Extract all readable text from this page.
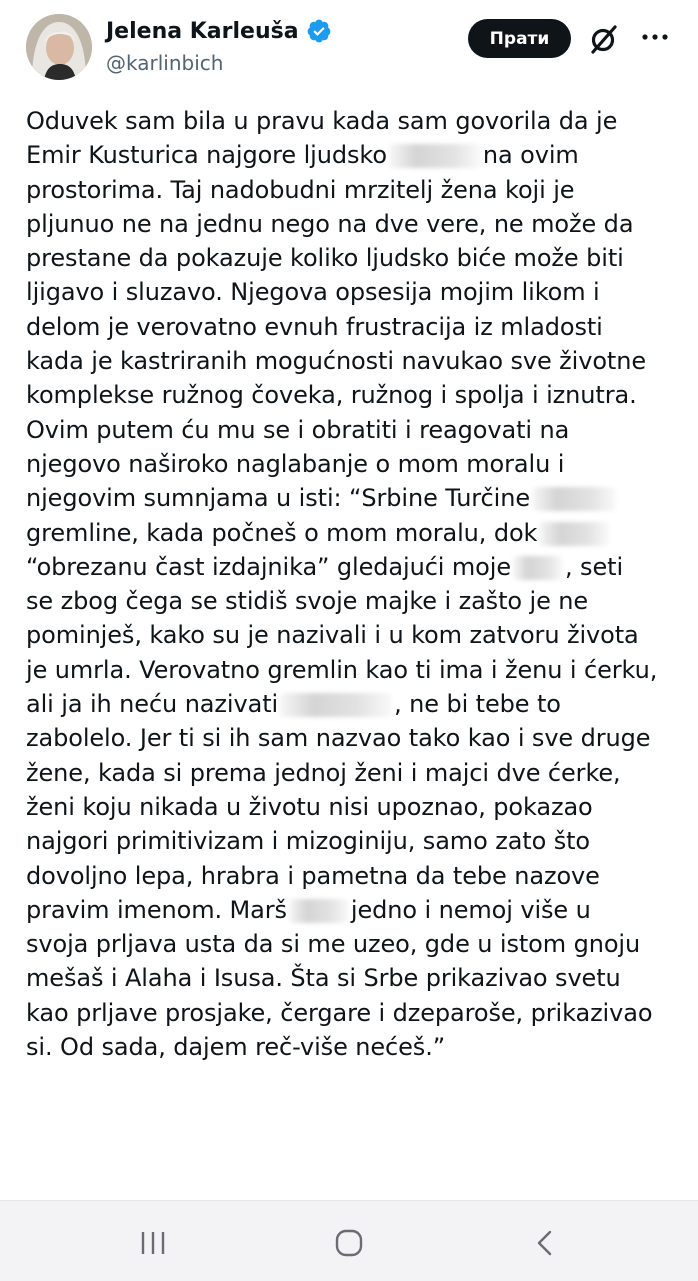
Jelena Karleuša
@karlinbich
Прати
Oduvek sam bila u pravu kada sam govorila da je
Emir Kusturica najgore ljudsko	na ovim
prostorima. Taj nadobudni mrzitelj žena koji je
pljunuo ne na jednu nego na dve vere, ne može da
prestane da pokazuje koliko ljudsko biće može biti
ljigavo i sluzavo. Njegova opsesija mojim likom i
delom je verovatno evnuh frustracija iz mladosti
kada je kastriranih mogućnosti navukao sve životne
komplekse ružnog čoveka, ružnog i spolja i iznutra.
Ovim putem ću mu se i obratiti i reagovati na
njegovo naširoko naglabanje o mom moralu i
njegovim sumnjama u isti: “Srbine Turčine
gremline, kada počneš o mom moralu, dok
“obrezanu čast izdajnika” gledajući moje , seti
se zbog čega se stidiš svoje majke i zašto je ne
pominješ, kako su je nazivali i u kom zatvoru života
je umrla. Verovatno gremlin kao ti ima i ženu i ćerku,
ali ja ih neću nazivati	, ne bi tebe to
zabolelo. Jer ti si ih sam nazvao tako kao i sve druge
žene, kada si prema jednoj ženi i majci dve ćerke,
ženi koju nikada u životu nisi upoznao, pokazao
najgori primitivizam i mizoginiju, samo zato što
dovoljno lepa, hrabra i pametna da tebe nazove
pravim imenom. Marš	jedno i nemoj više u
svoja prljava usta da si me uzeo, gde u istom gnoju
mešaš i Alaha i Isusa. Šta si Srbe prikazivao svetu
kao prljave prosjake, čergare i dzeparoše, prikazivao
si. Od sada, dajem reč-više nećeš.”
